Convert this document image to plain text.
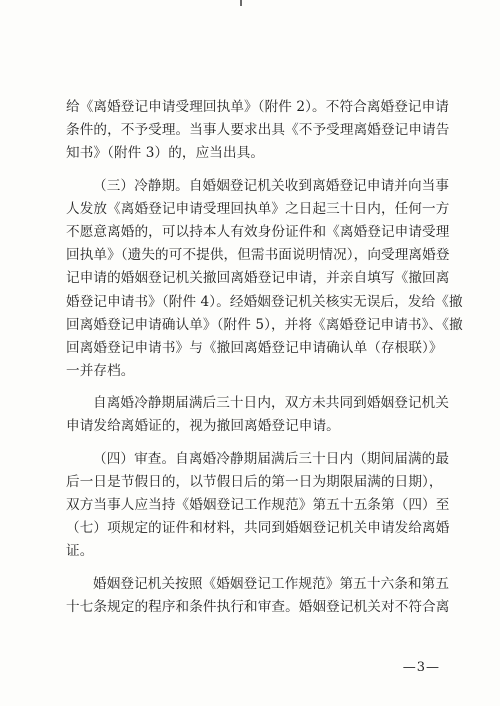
给《离婚登记申请受理回执单》（附件 2）。不符合离婚登记申请
条件的，不予受理。当事人要求出具《不予受理离婚登记申请告
知书》（附件 3）的，应当出具。
（三）冷静期。自婚姻登记机关收到离婚登记申请并向当事
人发放《离婚登记申请受理回执单》之日起三十日内，任何一方
不愿意离婚的，可以持本人有效身份证件和《离婚登记申请受理
回执单》（遗失的可不提供，但需书面说明情况），向受理离婚登
记申请的婚姻登记机关撤回离婚登记申请，并亲自填写《撤回离
婚登记申请书》（附件 4）。经婚姻登记机关核实无误后，发给《撤
回离婚登记申请确认单》（附件 5），并将《离婚登记申请书》、《撤
回离婚登记申请书》与《撤回离婚登记申请确认单（存根联）》
一并存档。
自离婚冷静期届满后三十日内，双方未共同到婚姻登记机关
申请发给离婚证的，视为撤回离婚登记申请。
（四）审查。自离婚冷静期届满后三十日内（期间届满的最
后一日是节假日的，以节假日后的第一日为期限届满的日期），
双方当事人应当持《婚姻登记工作规范》第五十五条第（四）至
（七）项规定的证件和材料，共同到婚姻登记机关申请发给离婚
证。
婚姻登记机关按照《婚姻登记工作规范》第五十六条和第五
十七条规定的程序和条件执行和审查。婚姻登记机关对不符合离
—3—
